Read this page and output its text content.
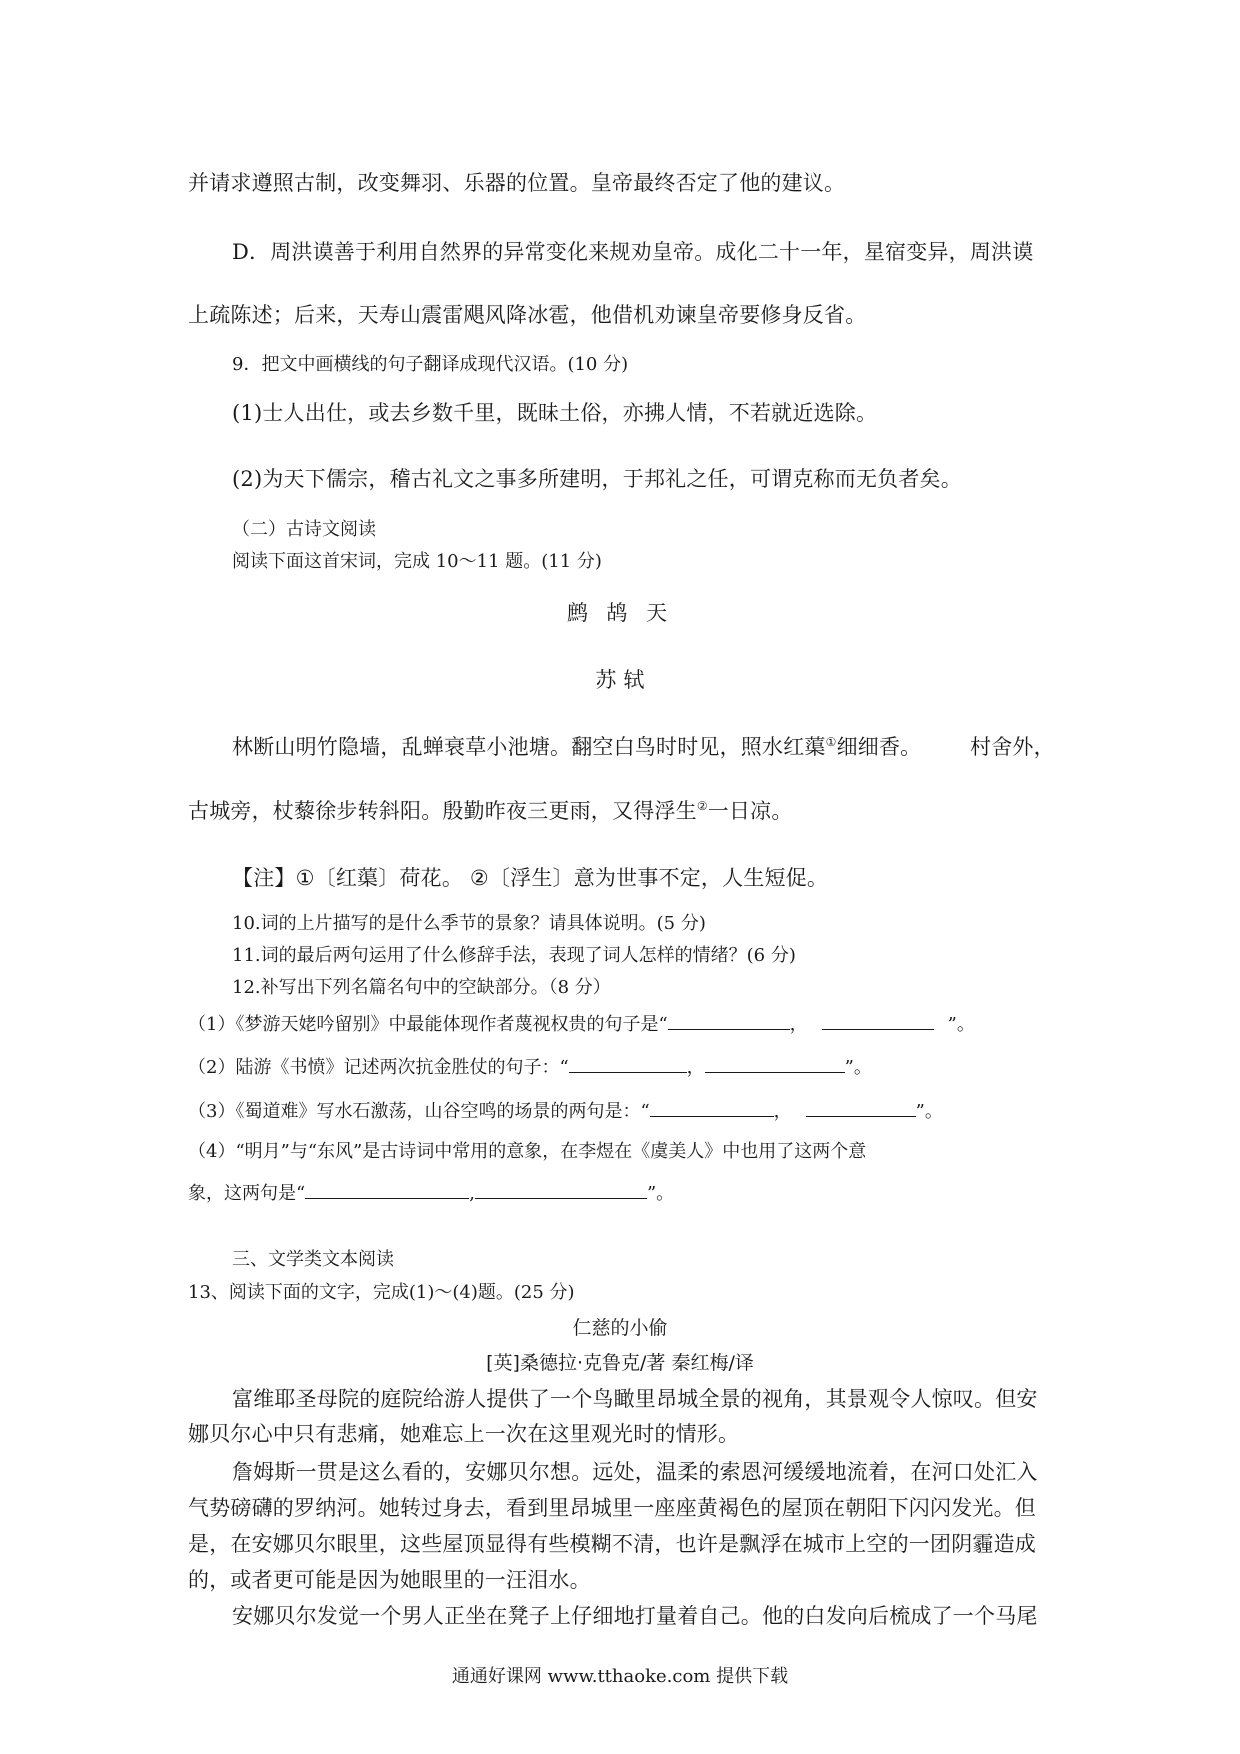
并请求遵照古制，改变舞羽、乐器的位置。皇帝最终否定了他的建议。

D．周洪谟善于利用自然界的异常变化来规劝皇帝。成化二十一年，星宿变异，周洪谟

上疏陈述；后来，天寿山震雷飓风降冰雹，他借机劝谏皇帝要修身反省。

9．把文中画横线的句子翻译成现代汉语。(10 分)

(1)士人出仕，或去乡数千里，既昧土俗，亦拂人情，不若就近选除。

(2)为天下儒宗，稽古礼文之事多所建明，于邦礼之任，可谓克称而无负者矣。

（二）古诗文阅读

阅读下面这首宋词，完成 10～11 题。(11 分)

鹧 鸪 天

苏 轼

林断山明竹隐墙，乱蝉衰草小池塘。翻空白鸟时时见，照水红蕖①细细香。 村舍外，

古城旁，杖藜徐步转斜阳。殷勤昨夜三更雨，又得浮生②一日凉。

【注】①〔红蕖〕荷花。 ②〔浮生〕意为世事不定，人生短促。

10.词的上片描写的是什么季节的景象？请具体说明。(5 分)

11.词的最后两句运用了什么修辞手法，表现了词人怎样的情绪？(6 分)

12.补写出下列名篇名句中的空缺部分。（8 分）

（1）《梦游天姥吟留别》中最能体现作者蔑视权贵的句子是“	，	”。

（2）陆游《书愤》记述两次抗金胜仗的句子：“	，	”。

（3）《蜀道难》写水石激荡，山谷空鸣的场景的两句是：“	，	”。

（4）“明月”与“东风”是古诗词中常用的意象，在李煜在《虞美人》中也用了这两个意

象，这两句是“	,	”。

三、文学类文本阅读

13、阅读下面的文字，完成(1)～(4)题。(25 分)

仁慈的小偷

[英]桑德拉·克鲁克/著 秦红梅/译

富维耶圣母院的庭院给游人提供了一个鸟瞰里昂城全景的视角，其景观令人惊叹。但安

娜贝尔心中只有悲痛，她难忘上一次在这里观光时的情形。

詹姆斯一贯是这么看的，安娜贝尔想。远处，温柔的索恩河缓缓地流着，在河口处汇入

气势磅礴的罗纳河。她转过身去，看到里昂城里一座座黄褐色的屋顶在朝阳下闪闪发光。但

是，在安娜贝尔眼里，这些屋顶显得有些模糊不清，也许是飘浮在城市上空的一团阴霾造成

的，或者更可能是因为她眼里的一汪泪水。

安娜贝尔发觉一个男人正坐在凳子上仔细地打量着自己。他的白发向后梳成了一个马尾

通通好课网 www.tthaoke.com 提供下载
